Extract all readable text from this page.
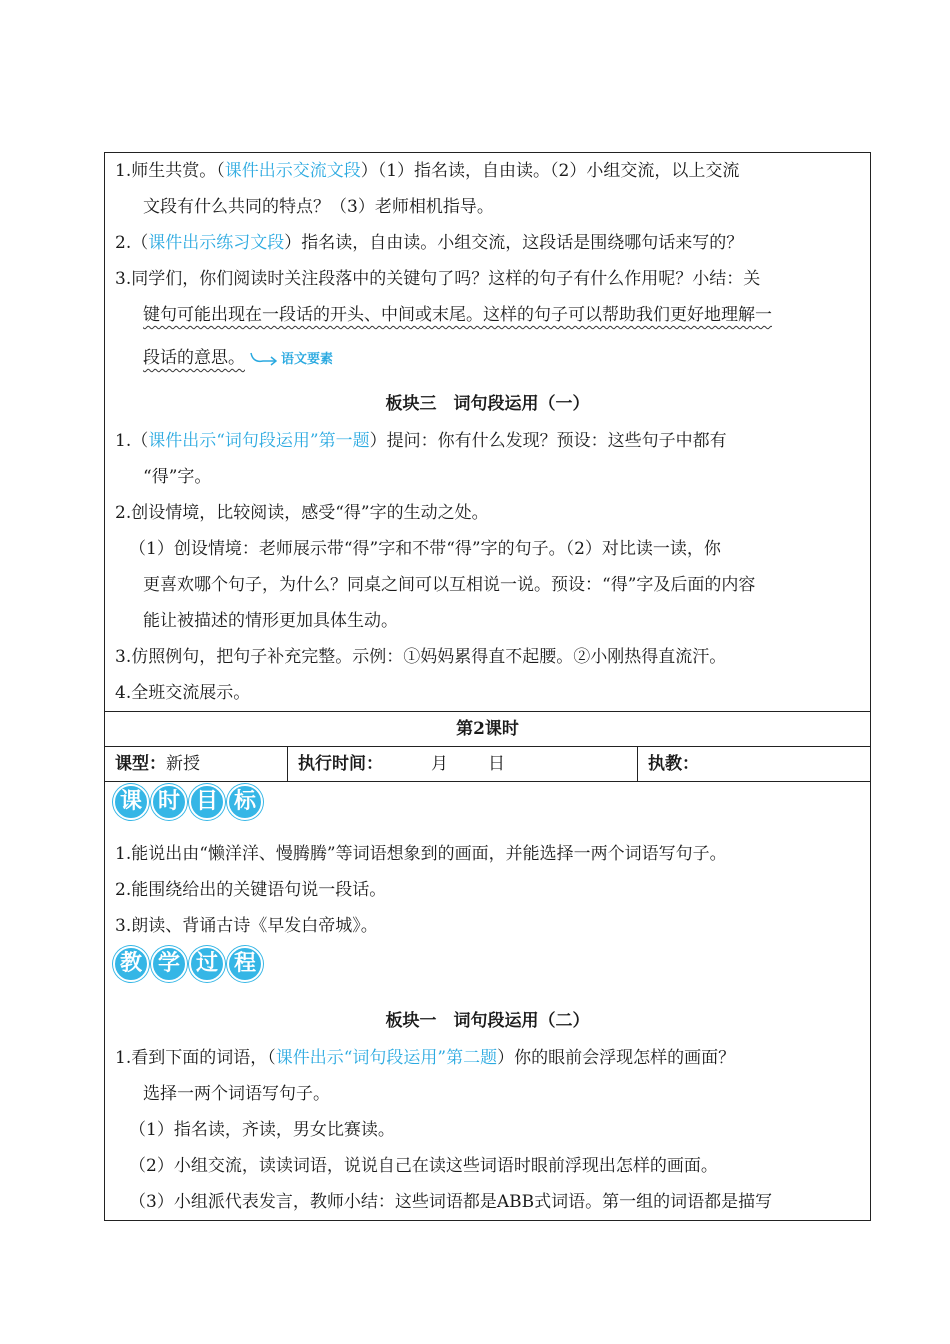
1.师生共赏。（课件出示交流文段）（1）指名读，自由读。（2）小组交流，以上交流
文段有什么共同的特点？（3）老师相机指导。
2.（课件出示练习文段）指名读，自由读。小组交流，这段话是围绕哪句话来写的？
3.同学们，你们阅读时关注段落中的关键句了吗？这样的句子有什么作用呢？小结：关
键句可能出现在一段话的开头、中间或末尾。这样的句子可以帮助我们更好地理解一
段话的意思。	语文要素
板块三　词句段运用（一）
1.（课件出示“词句段运用”第一题）提问：你有什么发现？预设：这些句子中都有
“得”字。
2.创设情境，比较阅读，感受“得”字的生动之处。
（1）创设情境：老师展示带“得”字和不带“得”字的句子。（2）对比读一读，你
更喜欢哪个句子，为什么？同桌之间可以互相说一说。预设：“得”字及后面的内容
能让被描述的情形更加具体生动。
3.仿照例句，把句子补充完整。示例：①妈妈累得直不起腰。②小刚热得直流汗。
4.全班交流展示。
第2课时
课型：新授	执行时间：	月 日	执教：
课 时 目 标
1.能说出由“懒洋洋、慢腾腾”等词语想象到的画面，并能选择一两个词语写句子。
2.能围绕给出的关键语句说一段话。
3.朗读、背诵古诗《早发白帝城》。
教 学 过 程
板块一　词句段运用（二）
1.看到下面的词语，（课件出示“词句段运用”第二题）你的眼前会浮现怎样的画面？
选择一两个词语写句子。
（1）指名读，齐读，男女比赛读。
（2）小组交流，读读词语，说说自己在读这些词语时眼前浮现出怎样的画面。
（3）小组派代表发言，教师小结：这些词语都是ABB式词语。第一组的词语都是描写
